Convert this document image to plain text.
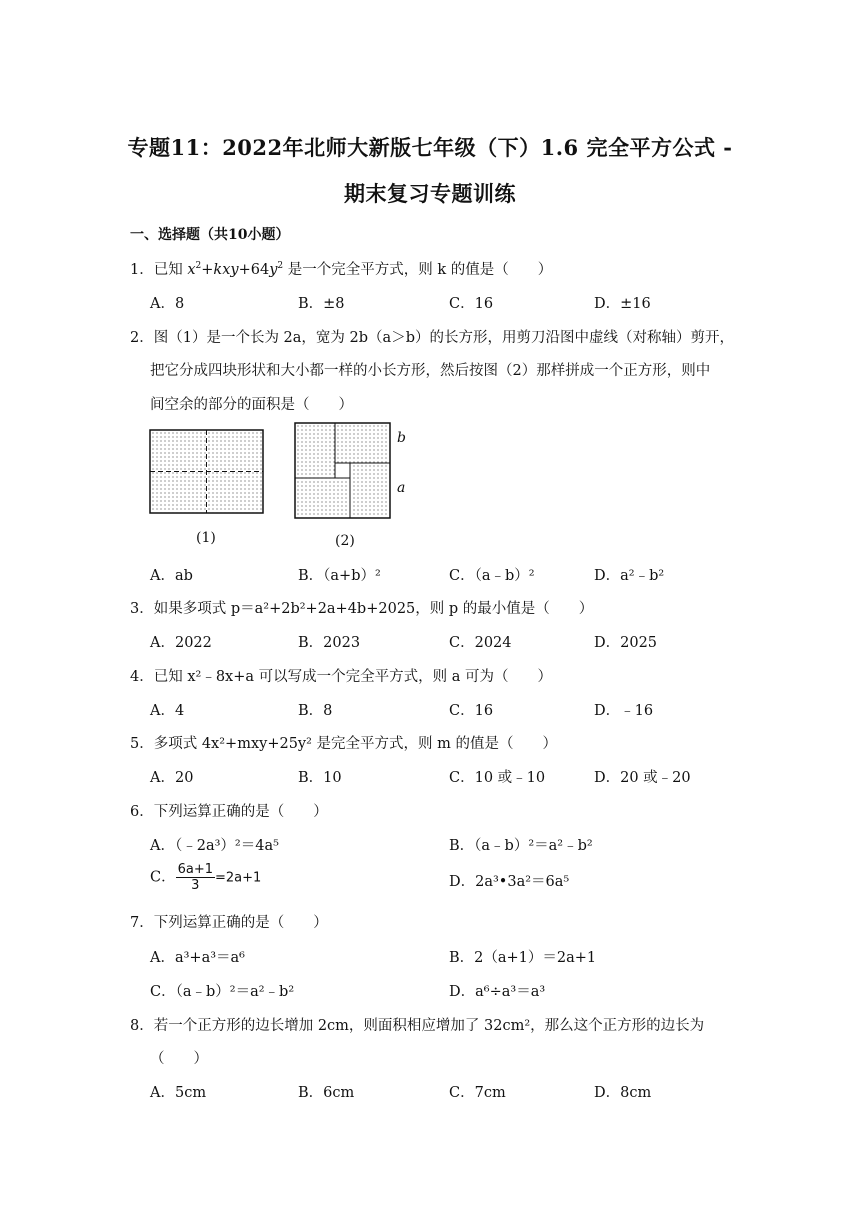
专题11：2022年北师大新版七年级（下）1.6 完全平方公式 -
期末复习专题训练
一、选择题（共10小题）
1．已知 $x^2+kxy+64y^2$ 是一个完全平方式，则 k 的值是（　　）
A．8	B．±8	C．16	D．±16
2．图（1）是一个长为 2a，宽为 2b（a＞b）的长方形，用剪刀沿图中虚线（对称轴）剪开，
把它分成四块形状和大小都一样的小长方形，然后按图（2）那样拼成一个正方形，则中
间空余的部分的面积是（　　）
(1)
b
a
(2)
A．ab	B．（a+b）²	C．（a﹣b）²	D．a²﹣b²
3．如果多项式 p＝a²+2b²+2a+4b+2025，则 p 的最小值是（　　）
A．2022	B．2023	C．2024	D．2025
4．已知 x²﹣8x+a 可以写成一个完全平方式，则 a 可为（　　）
A．4	B．8	C．16	D．﹣16
5．多项式 4x²+mxy+25y² 是完全平方式，则 m 的值是（　　）
A．20	B．10	C．10 或﹣10	D．20 或﹣20
6．下列运算正确的是（　　）
A．（﹣2a³）²＝4a⁵	B．（a﹣b）²＝a²﹣b²
C． $\frac{6a+1}{3} =2a+1$	D．2a³•3a²＝6a⁵
7．下列运算正确的是（　　）
A．a³+a³＝a⁶	B．2（a+1）＝2a+1
C．（a﹣b）²＝a²﹣b²	D．a⁶÷a³＝a³
8．若一个正方形的边长增加 2cm，则面积相应增加了 32cm²，那么这个正方形的边长为
（　　）
A．5cm	B．6cm	C．7cm	D．8cm
